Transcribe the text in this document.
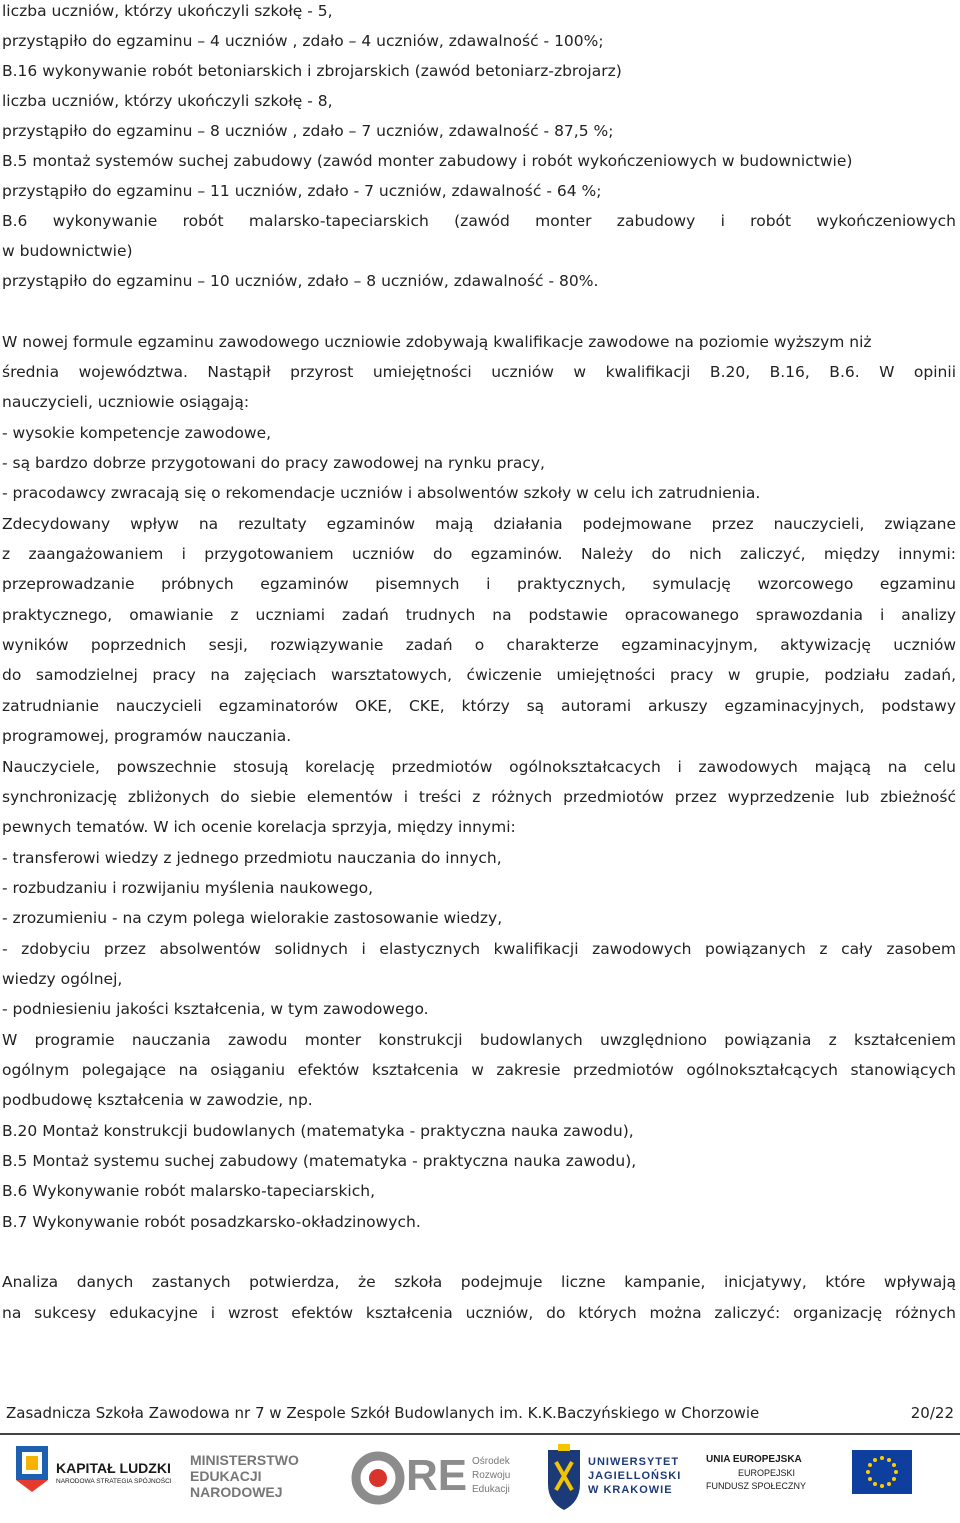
liczba uczniów, którzy ukończyli szkołę - 5,
przystąpiło do egzaminu – 4 uczniów , zdało – 4 uczniów, zdawalność - 100%;
B.16 wykonywanie robót betoniarskich i zbrojarskich (zawód betoniarz-zbrojarz)
liczba uczniów, którzy ukończyli szkołę - 8,
przystąpiło do egzaminu – 8 uczniów , zdało – 7 uczniów, zdawalność - 87,5 %;
B.5 montaż systemów suchej zabudowy (zawód monter zabudowy i robót wykończeniowych w budownictwie)
przystąpiło do egzaminu – 11 uczniów, zdało - 7 uczniów, zdawalność - 64 %;
B.6 wykonywanie robót malarsko-tapeciarskich (zawód monter zabudowy i robót wykończeniowych
w budownictwie)
przystąpiło do egzaminu – 10 uczniów, zdało – 8 uczniów, zdawalność - 80%.
W nowej formule egzaminu zawodowego uczniowie zdobywają kwalifikacje zawodowe na poziomie wyższym niż
średnia województwa. Nastąpił przyrost umiejętności uczniów w kwalifikacji B.20, B.16, B.6. W opinii
nauczycieli, uczniowie osiągają:
- wysokie kompetencje zawodowe,
- są bardzo dobrze przygotowani do pracy zawodowej na rynku pracy,
- pracodawcy zwracają się o rekomendacje uczniów i absolwentów szkoły w celu ich zatrudnienia.
Zdecydowany wpływ na rezultaty egzaminów mają działania podejmowane przez nauczycieli, związane
z zaangażowaniem i przygotowaniem uczniów do egzaminów. Należy do nich zaliczyć, między innymi:
przeprowadzanie próbnych egzaminów pisemnych i praktycznych, symulację wzorcowego egzaminu
praktycznego, omawianie z uczniami zadań trudnych na podstawie opracowanego sprawozdania i analizy
wyników poprzednich sesji, rozwiązywanie zadań o charakterze egzaminacyjnym, aktywizację uczniów
do samodzielnej pracy na zajęciach warsztatowych, ćwiczenie umiejętności pracy w grupie, podziału zadań,
zatrudnianie nauczycieli egzaminatorów OKE, CKE, którzy są autorami arkuszy egzaminacyjnych, podstawy
programowej, programów nauczania.
Nauczyciele, powszechnie stosują korelację przedmiotów ogólnokształcacych i zawodowych mającą na celu
synchronizację zbliżonych do siebie elementów i treści z różnych przedmiotów przez wyprzedzenie lub zbieżność
pewnych tematów. W ich ocenie korelacja sprzyja, między innymi:
- transferowi wiedzy z jednego przedmiotu nauczania do innych,
- rozbudzaniu i rozwijaniu myślenia naukowego,
- zrozumieniu - na czym polega wielorakie zastosowanie wiedzy,
- zdobyciu przez absolwentów solidnych i elastycznych kwalifikacji zawodowych powiązanych z cały zasobem
wiedzy ogólnej,
- podniesieniu jakości kształcenia, w tym zawodowego.
W programie nauczania zawodu monter konstrukcji budowlanych uwzględniono powiązania z kształceniem
ogólnym polegające na osiąganiu efektów kształcenia w zakresie przedmiotów ogólnokształcących stanowiących
podbudowę kształcenia w zawodzie, np.
B.20 Montaż konstrukcji budowlanych (matematyka - praktyczna nauka zawodu),
B.5 Montaż systemu suchej zabudowy (matematyka - praktyczna nauka zawodu),
B.6 Wykonywanie robót malarsko-tapeciarskich,
B.7 Wykonywanie robót posadzkarsko-okładzinowych.
Analiza danych zastanych potwierdza, że szkoła podejmuje liczne kampanie, inicjatywy, które wpływają
na sukcesy edukacyjne i wzrost efektów kształcenia uczniów, do których można zaliczyć: organizację różnych
Zasadnicza Szkoła Zawodowa nr 7 w Zespole Szkół Budowlanych im. K.K.Baczyńskiego w Chorzowie	20/22
KAPITAŁ LUDZKI
NARODOWA STRATEGIA SPÓJNOŚCI
MINISTERSTWO
EDUKACJI
NARODOWEJ	RE Ośrodek
Rozwoju
Edukacji
UNIWERSYTET
JAGIELLOŃSKI
W KRAKOWIE
UNIA EUROPEJSKA
EUROPEJSKI
FUNDUSZ SPOŁECZNY
